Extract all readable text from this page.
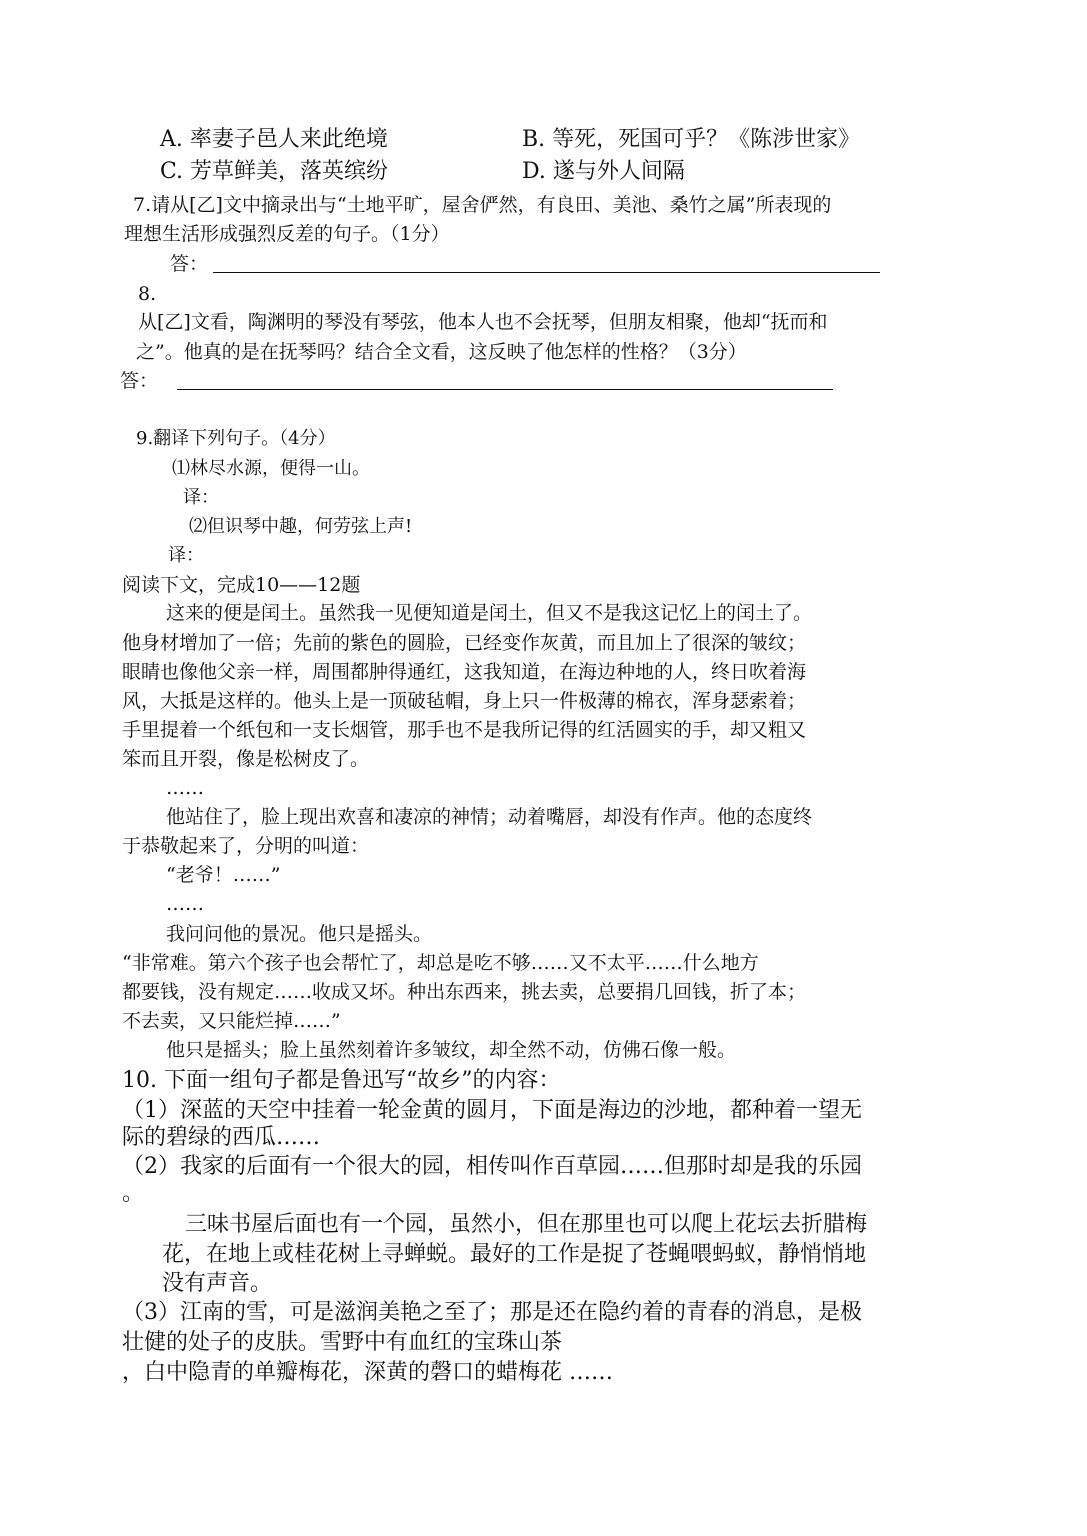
A. 率妻子邑人来此绝境	B. 等死，死国可乎？《陈涉世家》
C. 芳草鲜美，落英缤纷	D. 遂与外人间隔
7.请从[乙]文中摘录出与“土地平旷，屋舍俨然，有良田、美池、桑竹之属”所表现的
理想生活形成强烈反差的句子。（1分）
答：
8.
从[乙]文看，陶渊明的琴没有琴弦，他本人也不会抚琴，但朋友相聚，他却“抚而和
之”。他真的是在抚琴吗？结合全文看，这反映了他怎样的性格？（3分）
答：
9.翻译下列句子。（4分）
⑴林尽水源，便得一山。
译：
⑵但识琴中趣，何劳弦上声!
译：
阅读下文，完成10——12题
这来的便是闰土。虽然我一见便知道是闰土，但又不是我这记忆上的闰土了。
他身材增加了一倍；先前的紫色的圆脸，已经变作灰黄，而且加上了很深的皱纹；
眼睛也像他父亲一样，周围都肿得通红，这我知道，在海边种地的人，终日吹着海
风，大抵是这样的。他头上是一顶破毡帽，身上只一件极薄的棉衣，浑身瑟索着；
手里提着一个纸包和一支长烟管，那手也不是我所记得的红活圆实的手，却又粗又
笨而且开裂，像是松树皮了。
……
他站住了，脸上现出欢喜和凄凉的神情；动着嘴唇，却没有作声。他的态度终
于恭敬起来了，分明的叫道：
“老爷！……”
……
我问问他的景况。他只是摇头。
“非常难。第六个孩子也会帮忙了，却总是吃不够……又不太平……什么地方
都要钱，没有规定……收成又坏。种出东西来，挑去卖，总要捐几回钱，折了本；
不去卖，又只能烂掉……”
他只是摇头；脸上虽然刻着许多皱纹，却全然不动，仿佛石像一般。
10. 下面一组句子都是鲁迅写“故乡”的内容：
（1）深蓝的天空中挂着一轮金黄的圆月，下面是海边的沙地，都种着一望无
际的碧绿的西瓜……
（2）我家的后面有一个很大的园，相传叫作百草园……但那时却是我的乐园
。
三味书屋后面也有一个园，虽然小，但在那里也可以爬上花坛去折腊梅
花，在地上或桂花树上寻蝉蜕。最好的工作是捉了苍蝇喂蚂蚁，静悄悄地
没有声音。
（3）江南的雪，可是滋润美艳之至了；那是还在隐约着的青春的消息，是极
壮健的处子的皮肤。雪野中有血红的宝珠山茶
，白中隐青的单瓣梅花，深黄的磬口的蜡梅花 ……
